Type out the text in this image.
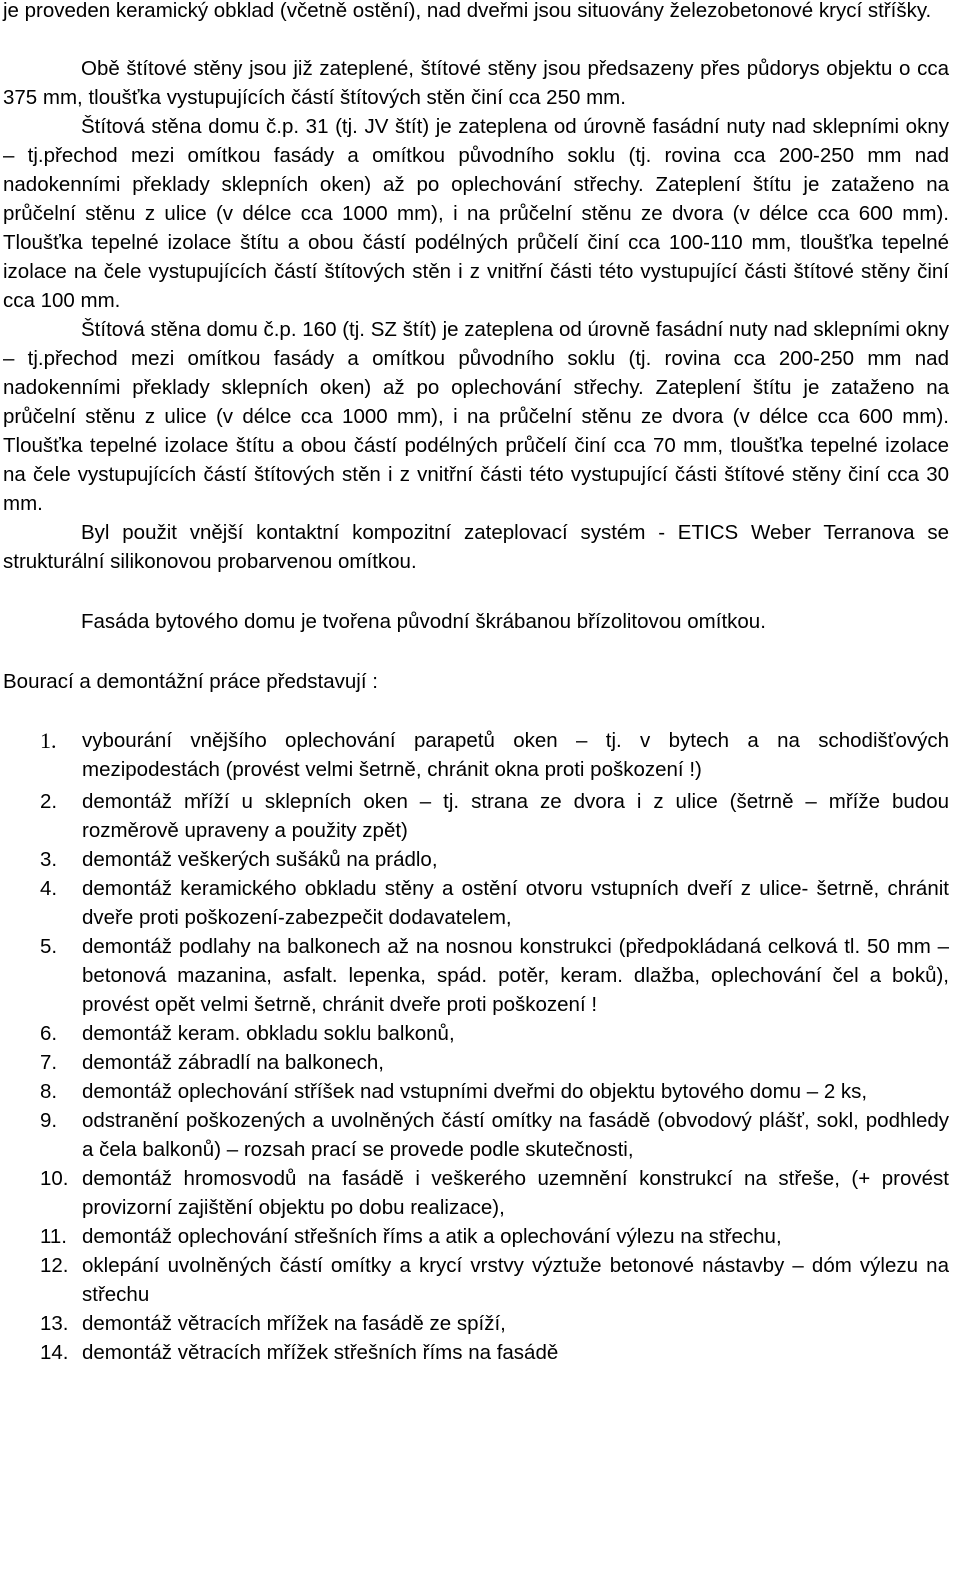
je proveden keramický obklad (včetně ostění), nad dveřmi jsou situovány železobetonové krycí stříšky.

Obě štítové stěny jsou již zateplené, štítové stěny jsou předsazeny přes půdorys objektu o cca 375 mm, tloušťka vystupujících částí štítových stěn činí cca 250 mm.

Štítová stěna domu č.p. 31 (tj. JV štít) je zateplena od úrovně fasádní nuty nad sklepními okny – tj.přechod mezi omítkou fasády a omítkou původního soklu (tj. rovina cca 200-250 mm nad nadokenními překlady sklepních oken) až po oplechování střechy. Zateplení štítu je zataženo na průčelní stěnu z ulice (v délce cca 1000 mm), i na průčelní stěnu ze dvora (v délce cca 600 mm). Tloušťka tepelné izolace štítu a obou částí podélných průčelí činí cca 100-110 mm, tloušťka tepelné izolace na čele vystupujících částí štítových stěn i z vnitřní části této vystupující části štítové stěny činí cca 100 mm.

Štítová stěna domu č.p. 160 (tj. SZ štít) je zateplena od úrovně fasádní nuty nad sklepními okny – tj.přechod mezi omítkou fasády a omítkou původního soklu (tj. rovina cca 200-250 mm nad nadokenními překlady sklepních oken) až po oplechování střechy. Zateplení štítu je zataženo na průčelní stěnu z ulice (v délce cca 1000 mm), i na průčelní stěnu ze dvora (v délce cca 600 mm). Tloušťka tepelné izolace štítu a obou částí podélných průčelí činí cca 70 mm, tloušťka tepelné izolace na čele vystupujících částí štítových stěn i z vnitřní části této vystupující části štítové stěny činí cca 30 mm.

Byl použit vnější kontaktní kompozitní zateplovací systém - ETICS Weber Terranova se strukturální silikonovou probarvenou omítkou.

Fasáda bytového domu je tvořena původní škrábanou břízolitovou omítkou.

Bourací a demontážní práce představují :

1.	vybourání vnějšího oplechování parapetů oken – tj. v bytech a na schodišťových mezipodestách (provést velmi šetrně, chránit okna proti poškození !)
2.	demontáž mříží u sklepních oken – tj. strana ze dvora i z ulice (šetrně – mříže budou rozměrově upraveny a použity zpět)
3.	demontáž veškerých sušáků na prádlo,
4.	demontáž keramického obkladu stěny a ostění otvoru vstupních dveří z ulice- šetrně, chránit dveře proti poškození-zabezpečit dodavatelem,
5.	demontáž podlahy na balkonech až na nosnou konstrukci (předpokládaná celková tl. 50 mm – betonová mazanina, asfalt. lepenka, spád. potěr, keram. dlažba, oplechování čel a boků), provést opět velmi šetrně, chránit dveře proti poškození !
6.	demontáž keram. obkladu soklu balkonů,
7.	demontáž zábradlí na balkonech,
8.	demontáž oplechování stříšek nad vstupními dveřmi do objektu bytového domu – 2 ks,
9.	odstranění poškozených a uvolněných částí omítky na fasádě (obvodový plášť, sokl, podhledy a čela balkonů) – rozsah prací se provede podle skutečnosti,
10. demontáž hromosvodů na fasádě i veškerého uzemnění konstrukcí na střeše, (+ provést provizorní zajištění objektu po dobu realizace),
11. demontáž oplechování střešních říms a atik a oplechování výlezu na střechu,
12. oklepání uvolněných částí omítky a krycí vrstvy výztuže betonové nástavby – dóm výlezu na střechu
13. demontáž větracích mřížek na fasádě ze spíží,
14. demontáž větracích mřížek střešních říms na fasádě
